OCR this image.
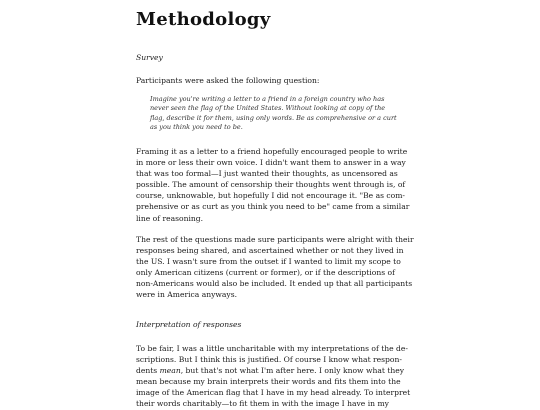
Methodology

Survey

Participants were asked the following question:

Imagine you're writing a letter to a friend in a foreign country who has
never seen the flag of the United States. Without looking at copy of the
flag, describe it for them, using only words. Be as comprehensive or a curt
as you think you need to be.
Framing it as a letter to a friend hopefully encouraged people to write
in more or less their own voice. I didn't want them to answer in a way
that was too formal—I just wanted their thoughts, as uncensored as
possible. The amount of censorship their thoughts went through is, of
course, unknowable, but hopefully I did not encourage it. "Be as com-
prehensive or as curt as you think you need to be" came from a similar
line of reasoning.
The rest of the questions made sure participants were alright with their
responses being shared, and ascertained whether or not they lived in
the US. I wasn't sure from the outset if I wanted to limit my scope to
only American citizens (current or former), or if the descriptions of
non-Americans would also be included. It ended up that all participants
were in America anyways.

Interpretation of responses

To be fair, I was a little uncharitable with my interpretations of the de-
scriptions. But I think this is justified. Of course I know what respon-
dents mean, but that's not what I'm after here. I only know what they
mean because my brain interprets their words and fits them into the
image of the American flag that I have in my head already. To interpret
their words charitably—to fit them in with the image I have in my
